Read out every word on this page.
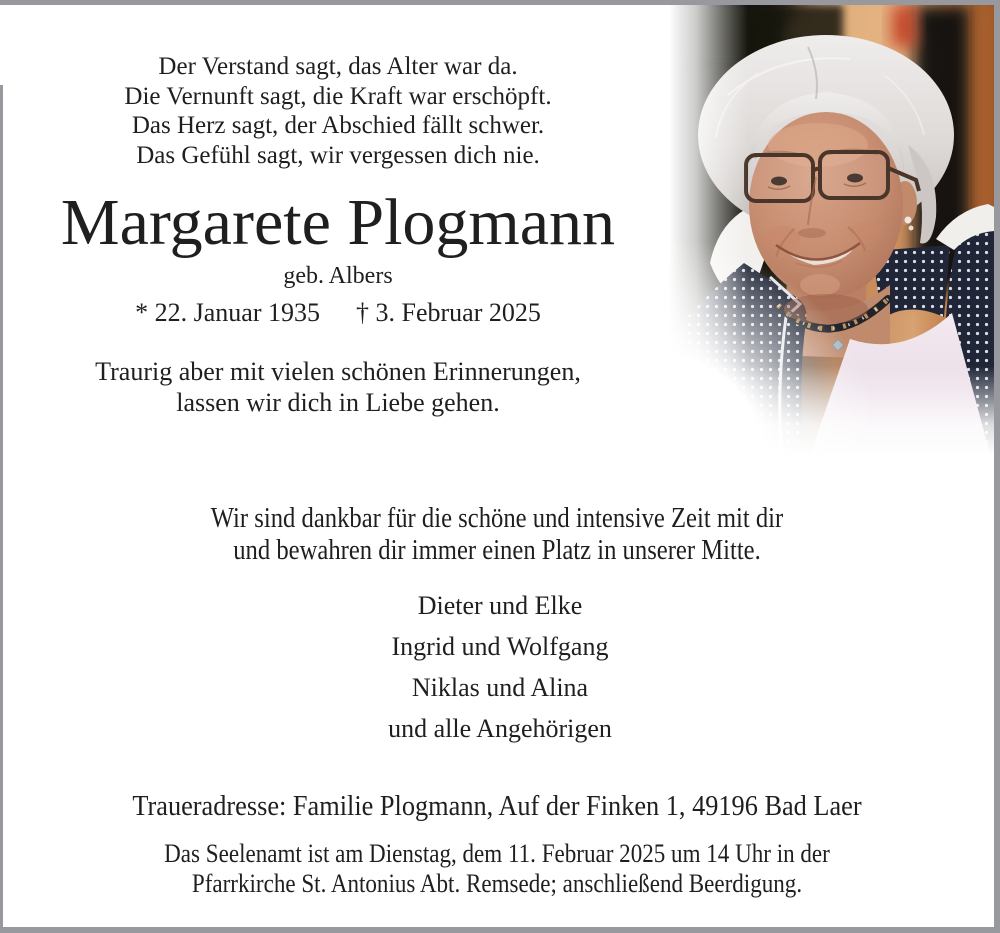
Der Verstand sagt, das Alter war da.
Die Vernunft sagt, die Kraft war erschöpft.
Das Herz sagt, der Abschied fällt schwer.
Das Gefühl sagt, wir vergessen dich nie.
Margarete Plogmann
geb. Albers
* 22. Januar 1935 † 3. Februar 2025
Traurig aber mit vielen schönen Erinnerungen,
lassen wir dich in Liebe gehen.
Wir sind dankbar für die schöne und intensive Zeit mit dir
und bewahren dir immer einen Platz in unserer Mitte.
Dieter und Elke
Ingrid und Wolfgang
Niklas und Alina
und alle Angehörigen
Traueradresse: Familie Plogmann, Auf der Finken 1, 49196 Bad Laer
Das Seelenamt ist am Dienstag, dem 11. Februar 2025 um 14 Uhr in der
Pfarrkirche St. Antonius Abt. Remsede; anschließend Beerdigung.
